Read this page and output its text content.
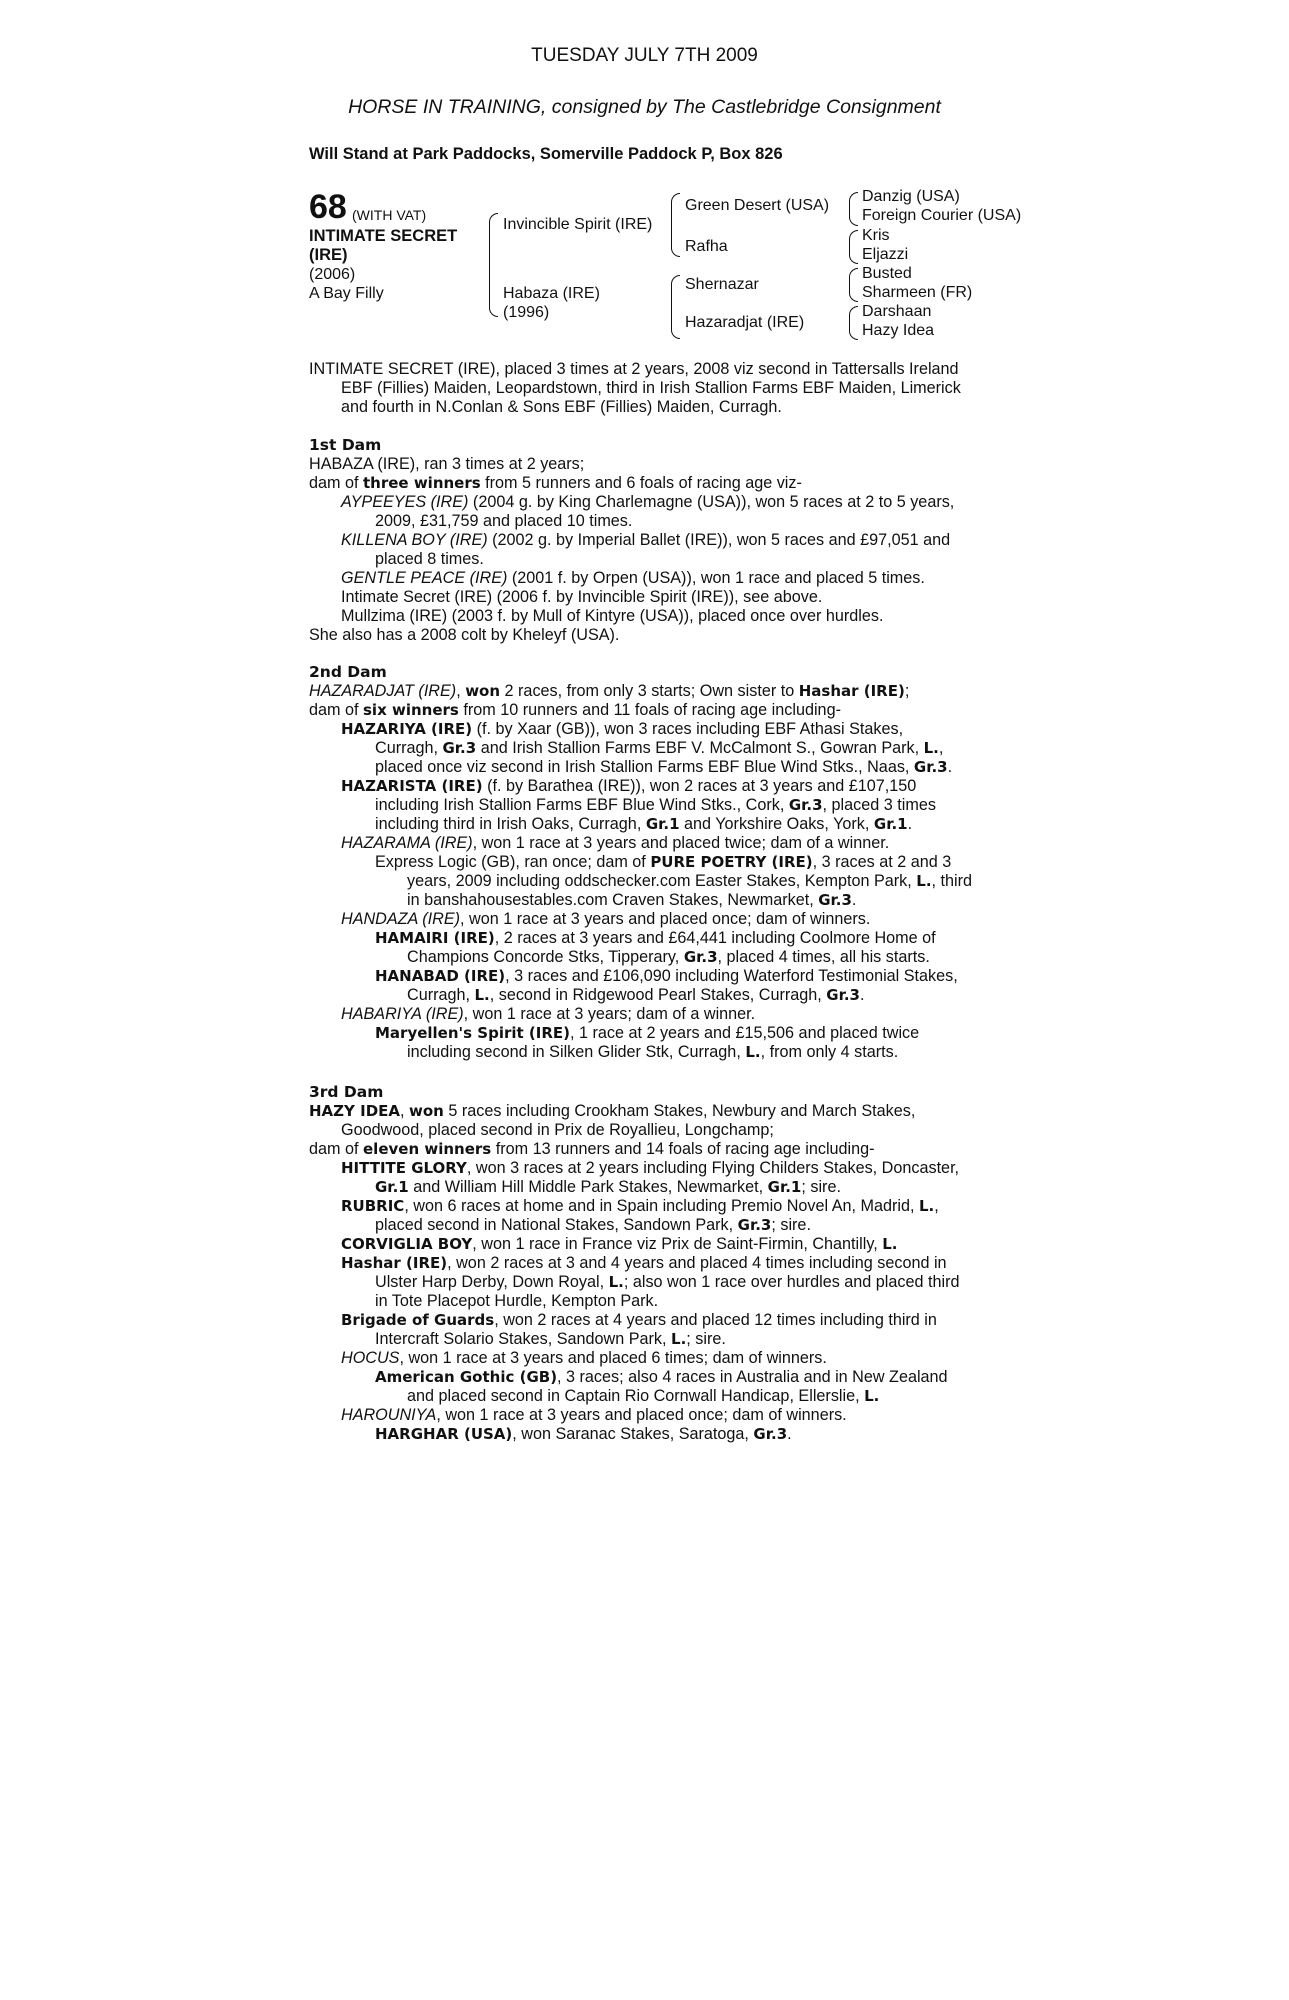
TUESDAY JULY 7TH 2009
HORSE IN TRAINING, consigned by The Castlebridge Consignment
Will Stand at Park Paddocks, Somerville Paddock P, Box 826
68 (WITH VAT)
INTIMATE SECRET
(IRE)
(2006)
A Bay Filly
Invincible Spirit (IRE)
Habaza (IRE)
(1996)
Green Desert (USA)
Rafha
Shernazar
Hazaradjat (IRE)
Danzig (USA)
Foreign Courier (USA)
Kris
Eljazzi
Busted
Sharmeen (FR)
Darshaan
Hazy Idea
INTIMATE SECRET (IRE), placed 3 times at 2 years, 2008 viz second in Tattersalls Ireland
EBF (Fillies) Maiden, Leopardstown, third in Irish Stallion Farms EBF Maiden, Limerick
and fourth in N.Conlan & Sons EBF (Fillies) Maiden, Curragh.
1st Dam
HABAZA (IRE), ran 3 times at 2 years;
dam of three winners from 5 runners and 6 foals of racing age viz-
AYPEEYES (IRE) (2004 g. by King Charlemagne (USA)), won 5 races at 2 to 5 years,
2009, £31,759 and placed 10 times.
KILLENA BOY (IRE) (2002 g. by Imperial Ballet (IRE)), won 5 races and £97,051 and
placed 8 times.
GENTLE PEACE (IRE) (2001 f. by Orpen (USA)), won 1 race and placed 5 times.
Intimate Secret (IRE) (2006 f. by Invincible Spirit (IRE)), see above.
Mullzima (IRE) (2003 f. by Mull of Kintyre (USA)), placed once over hurdles.
She also has a 2008 colt by Kheleyf (USA).
2nd Dam
HAZARADJAT (IRE), won 2 races, from only 3 starts; Own sister to Hashar (IRE);
dam of six winners from 10 runners and 11 foals of racing age including-
HAZARIYA (IRE) (f. by Xaar (GB)), won 3 races including EBF Athasi Stakes,
Curragh, Gr.3 and Irish Stallion Farms EBF V. McCalmont S., Gowran Park, L.,
placed once viz second in Irish Stallion Farms EBF Blue Wind Stks., Naas, Gr.3.
HAZARISTA (IRE) (f. by Barathea (IRE)), won 2 races at 3 years and £107,150
including Irish Stallion Farms EBF Blue Wind Stks., Cork, Gr.3, placed 3 times
including third in Irish Oaks, Curragh, Gr.1 and Yorkshire Oaks, York, Gr.1.
HAZARAMA (IRE), won 1 race at 3 years and placed twice; dam of a winner.
Express Logic (GB), ran once; dam of PURE POETRY (IRE), 3 races at 2 and 3
years, 2009 including oddschecker.com Easter Stakes, Kempton Park, L., third
in banshahousestables.com Craven Stakes, Newmarket, Gr.3.
HANDAZA (IRE), won 1 race at 3 years and placed once; dam of winners.
HAMAIRI (IRE), 2 races at 3 years and £64,441 including Coolmore Home of
Champions Concorde Stks, Tipperary, Gr.3, placed 4 times, all his starts.
HANABAD (IRE), 3 races and £106,090 including Waterford Testimonial Stakes,
Curragh, L., second in Ridgewood Pearl Stakes, Curragh, Gr.3.
HABARIYA (IRE), won 1 race at 3 years; dam of a winner.
Maryellen's Spirit (IRE), 1 race at 2 years and £15,506 and placed twice
including second in Silken Glider Stk, Curragh, L., from only 4 starts.
3rd Dam
HAZY IDEA, won 5 races including Crookham Stakes, Newbury and March Stakes,
Goodwood, placed second in Prix de Royallieu, Longchamp;
dam of eleven winners from 13 runners and 14 foals of racing age including-
HITTITE GLORY, won 3 races at 2 years including Flying Childers Stakes, Doncaster,
Gr.1 and William Hill Middle Park Stakes, Newmarket, Gr.1; sire.
RUBRIC, won 6 races at home and in Spain including Premio Novel An, Madrid, L.,
placed second in National Stakes, Sandown Park, Gr.3; sire.
CORVIGLIA BOY, won 1 race in France viz Prix de Saint-Firmin, Chantilly, L.
Hashar (IRE), won 2 races at 3 and 4 years and placed 4 times including second in
Ulster Harp Derby, Down Royal, L.; also won 1 race over hurdles and placed third
in Tote Placepot Hurdle, Kempton Park.
Brigade of Guards, won 2 races at 4 years and placed 12 times including third in
Intercraft Solario Stakes, Sandown Park, L.; sire.
HOCUS, won 1 race at 3 years and placed 6 times; dam of winners.
American Gothic (GB), 3 races; also 4 races in Australia and in New Zealand
and placed second in Captain Rio Cornwall Handicap, Ellerslie, L.
HAROUNIYA, won 1 race at 3 years and placed once; dam of winners.
HARGHAR (USA), won Saranac Stakes, Saratoga, Gr.3.
